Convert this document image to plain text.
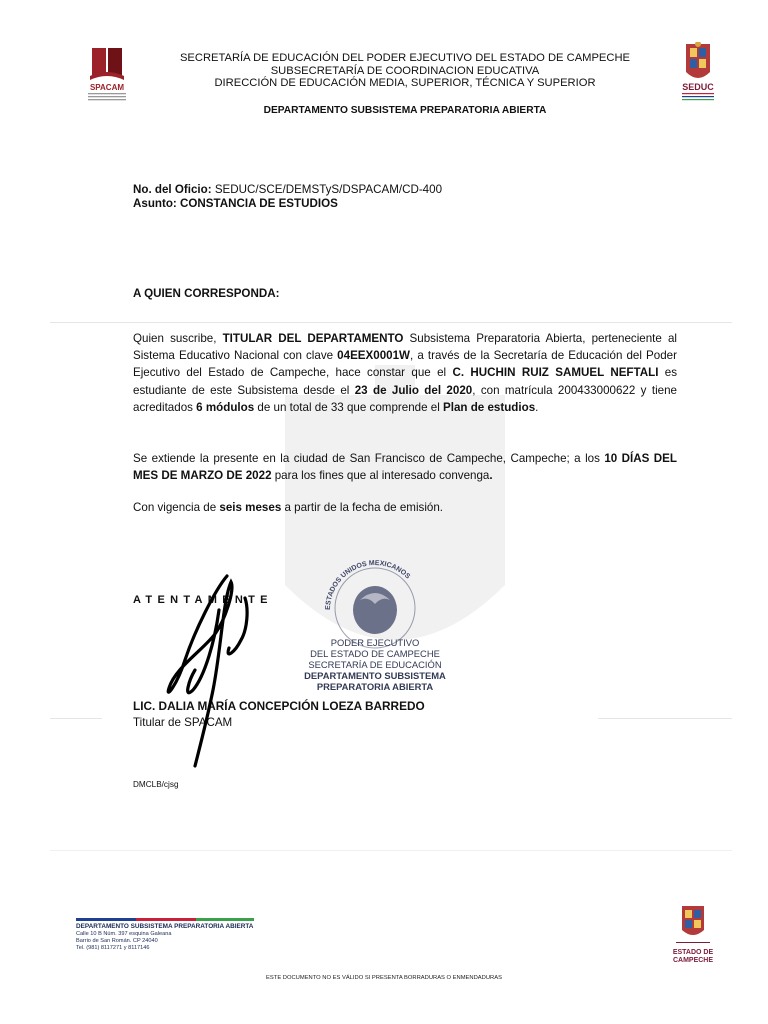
SPACAM	SEDUC
SECRETARÍA DE EDUCACIÓN DEL PODER EJECUTIVO DEL ESTADO DE CAMPECHE
SUBSECRETARÍA DE COORDINACION EDUCATIVA
DIRECCIÓN DE EDUCACIÓN MEDIA, SUPERIOR, TÉCNICA Y SUPERIOR
DEPARTAMENTO SUBSISTEMA PREPARATORIA ABIERTA
No. del Oficio: SEDUC/SCE/DEMSTyS/DSPACAM/CD-400
Asunto: CONSTANCIA DE ESTUDIOS
A QUIEN CORRESPONDA:
Quien suscribe, TITULAR DEL DEPARTAMENTO Subsistema Preparatoria Abierta, perteneciente al Sistema Educativo Nacional con clave 04EEX0001W, a través de la Secretaría de Educación del Poder Ejecutivo del Estado de Campeche, hace constar que el C. HUCHIN RUIZ SAMUEL NEFTALI es estudiante de este Subsistema desde el 23 de Julio del 2020, con matrícula 200433000622 y tiene acreditados 6 módulos de un total de 33 que comprende el Plan de estudios.
Se extiende la presente en la ciudad de San Francisco de Campeche, Campeche; a los 10 DÍAS DEL MES DE MARZO DE 2022 para los fines que al interesado convenga.
Con vigencia de seis meses a partir de la fecha de emisión.
ESTADOS UNIDOS MEXICANOS
PODER EJECUTIVO
DEL ESTADO DE CAMPECHE
SECRETARÍA DE EDUCACIÓN
DEPARTAMENTO SUBSISTEMA
PREPARATORIA ABIERTA
ATENTAMENTE
LIC. DALIA MARÍA CONCEPCIÓN LOEZA BARREDO
Titular de SPACAM
DMCLB/cjsg
DEPARTAMENTO SUBSISTEMA PREPARATORIA ABIERTA
Calle 10 B Núm. 397 esquina Galeana
Barrio de San Román. CP 24040
Tel. (981) 8117271 y 8117146
ESTADO DE
CAMPECHE
ESTE DOCUMENTO NO ES VÁLIDO SI PRESENTA BORRADURAS O ENMENDADURAS
